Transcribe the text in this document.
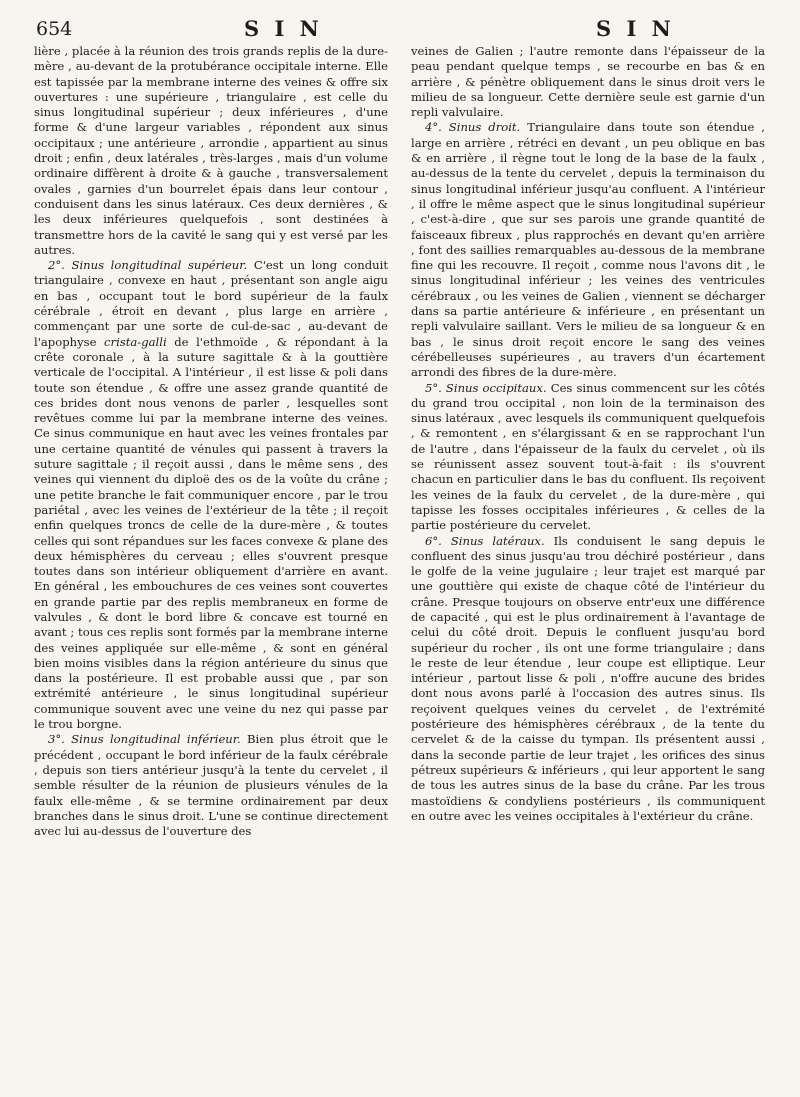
654	S I N	S I N

lière , placée à la réunion des trois grands replis de la dure-mère , au-devant de la protubérance occipitale interne. Elle est tapissée par la membrane interne des veines & offre six ouvertures : une supérieure , triangulaire , est celle du sinus longitudinal supérieur ; deux inférieures , d'une forme & d'une largeur variables , répondent aux sinus occipitaux ; une antérieure , arrondie , appartient au sinus droit ; enfin , deux latérales , très-larges , mais d'un volume ordinaire diffèrent à droite & à gauche , transversalement ovales , garnies d'un bourrelet épais dans leur contour , conduisent dans les sinus latéraux. Ces deux dernières , & les deux inférieures quelquefois , sont destinées à transmettre hors de la cavité le sang qui y est versé par les autres.

2°. Sinus longitudinal supérieur. C'est un long conduit triangulaire , convexe en haut , présentant son angle aigu en bas , occupant tout le bord supérieur de la faulx cérébrale , étroit en devant , plus large en arrière , commençant par une sorte de cul-de-sac , au-devant de l'apophyse crista-galli de l'ethmoïde , & répondant à la crête coronale , à la suture sagittale & à la gouttière verticale de l'occipital. A l'intérieur , il est lisse & poli dans toute son étendue , & offre une assez grande quantité de ces brides dont nous venons de parler , lesquelles sont revêtues comme lui par la membrane interne des veines. Ce sinus communique en haut avec les veines frontales par une certaine quantité de vénules qui passent à travers la suture sagittale ; il reçoit aussi , dans le même sens , des veines qui viennent du diploë des os de la voûte du crâne ; une petite branche le fait communiquer encore , par le trou pariétal , avec les veines de l'extérieur de la tête ; il reçoit enfin quelques troncs de celle de la dure-mère , & toutes celles qui sont répandues sur les faces convexe & plane des deux hémisphères du cerveau ; elles s'ouvrent presque toutes dans son intérieur obliquement d'arrière en avant. En général , les embouchures de ces veines sont couvertes en grande partie par des replis membraneux en forme de valvules , & dont le bord libre & concave est tourné en avant ; tous ces replis sont formés par la membrane interne des veines appliquée sur elle-même , & sont en général bien moins visibles dans la région antérieure du sinus que dans la postérieure. Il est probable aussi que , par son extrémité antérieure , le sinus longitudinal supérieur communique souvent avec une veine du nez qui passe par le trou borgne.

3°. Sinus longitudinal inférieur. Bien plus étroit que le précédent , occupant le bord inférieur de la faulx cérébrale , depuis son tiers antérieur jusqu'à la tente du cervelet , il semble résulter de la réunion de plusieurs vénules de la faulx elle-même , & se termine ordinairement par deux branches dans le sinus droit. L'une se continue directement avec lui au-dessus de l'ouverture des

veines de Galien ; l'autre remonte dans l'épaisseur de la peau pendant quelque temps , se recourbe en bas & en arrière , & pénètre obliquement dans le sinus droit vers le milieu de sa longueur. Cette dernière seule est garnie d'un repli valvulaire.

4°. Sinus droit. Triangulaire dans toute son étendue , large en arrière , rétréci en devant , un peu oblique en bas & en arrière , il règne tout le long de la base de la faulx , au-dessus de la tente du cervelet , depuis la terminaison du sinus longitudinal inférieur jusqu'au confluent. A l'intérieur , il offre le même aspect que le sinus longitudinal supérieur , c'est-à-dire , que sur ses parois une grande quantité de faisceaux fibreux , plus rapprochés en devant qu'en arrière , font des saillies remarquables au-dessous de la membrane fine qui les recouvre. Il reçoit , comme nous l'avons dit , le sinus longitudinal inférieur ; les veines des ventricules cérébraux , ou les veines de Galien , viennent se décharger dans sa partie antérieure & inférieure , en présentant un repli valvulaire saillant. Vers le milieu de sa longueur & en bas , le sinus droit reçoit encore le sang des veines cérébelleuses supérieures , au travers d'un écartement arrondi des fibres de la dure-mère.

5°. Sinus occipitaux. Ces sinus commencent sur les côtés du grand trou occipital , non loin de la terminaison des sinus latéraux , avec lesquels ils communiquent quelquefois , & remontent , en s'élargissant & en se rapprochant l'un de l'autre , dans l'épaisseur de la faulx du cervelet , où ils se réunissent assez souvent tout-à-fait : ils s'ouvrent chacun en particulier dans le bas du confluent. Ils reçoivent les veines de la faulx du cervelet , de la dure-mère , qui tapisse les fosses occipitales inférieures , & celles de la partie postérieure du cervelet.

6°. Sinus latéraux. Ils conduisent le sang depuis le confluent des sinus jusqu'au trou déchiré postérieur , dans le golfe de la veine jugulaire ; leur trajet est marqué par une gouttière qui existe de chaque côté de l'intérieur du crâne. Presque toujours on observe entr'eux une différence de capacité , qui est le plus ordinairement à l'avantage de celui du côté droit. Depuis le confluent jusqu'au bord supérieur du rocher , ils ont une forme triangulaire ; dans le reste de leur étendue , leur coupe est elliptique. Leur intérieur , partout lisse & poli , n'offre aucune des brides dont nous avons parlé à l'occasion des autres sinus. Ils reçoivent quelques veines du cervelet , de l'extrémité postérieure des hémisphères cérébraux , de la tente du cervelet & de la caisse du tympan. Ils présentent aussi , dans la seconde partie de leur trajet , les orifices des sinus pétreux supérieurs & inférieurs , qui leur apportent le sang de tous les autres sinus de la base du crâne. Par les trous mastoïdiens & condyliens postérieurs , ils communiquent en outre avec les veines occipitales à l'extérieur du crâne.
